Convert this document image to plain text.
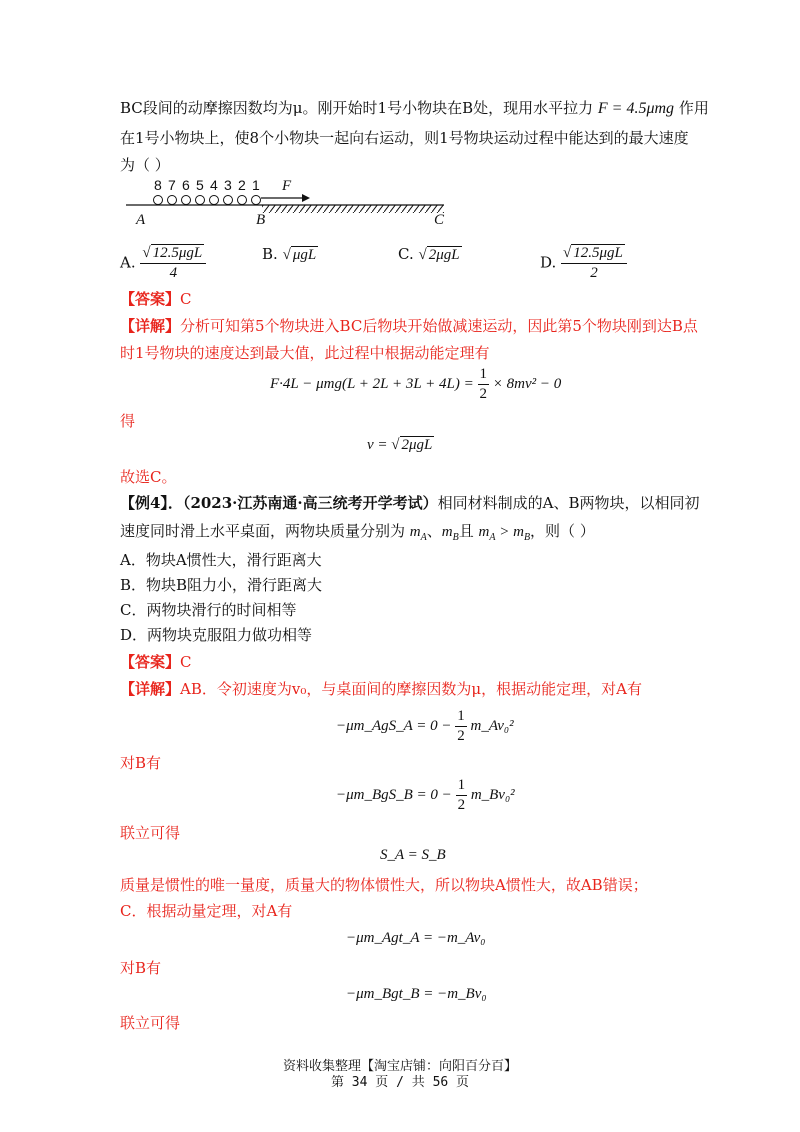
BC段间的动摩擦因数均为μ。刚开始时1号小物块在B处，现用水平拉力 F = 4.5μmg 作用
在1号小物块上，使8个小物块一起向右运动，则1号物块运动过程中能达到的最大速度
为（ ）
8 7 6 5 4 3 2 1 F
A	B	C
A. $\frac{\text{√ 12.5μgL}}{4}$	B. √ μgL	C. √ 2μgL	D. $\frac{\text{√ 12.5μgL}}{2}$
【答案】C
【详解】分析可知第5个物块进入BC后物块开始做减速运动，因此第5个物块刚到达B点
时1号物块的速度达到最大值，此过程中根据动能定理有
$F\cdot 4L - \mu mg(L + 2L + 3L + 4L) = \frac{1}{2} \times 8mv^2 - 0$
得
v = √ 2μgL
故选C。
【例4】．（2023·江苏南通·高三统考开学考试）相同材料制成的A、B两物块，以相同初
速度同时滑上水平桌面，两物块质量分别为 $m_A$、$m_B$且 $m_A > m_B$，则（ ）
A．物块A惯性大，滑行距离大
B．物块B阻力小，滑行距离大
C．两物块滑行的时间相等
D．两物块克服阻力做功相等
【答案】C
【详解】AB．令初速度为v₀，与桌面间的摩擦因数为μ，根据动能定理，对A有
−μm_AgS_A = $0 - \frac{1}{2}$ m_Av₀²
对B有
−μm_BgS_B = $0 - \frac{1}{2}$ m_Bv₀²
联立可得
S_A = S_B
质量是惯性的唯一量度，质量大的物体惯性大，所以物块A惯性大，故AB错误；
C．根据动量定理，对A有
−μm_Agt_A = −m_Av₀
对B有
−μm_Bgt_B = −m_Bv₀
联立可得
资料收集整理【淘宝店铺：向阳百分百】
第 34 页 / 共 56 页
